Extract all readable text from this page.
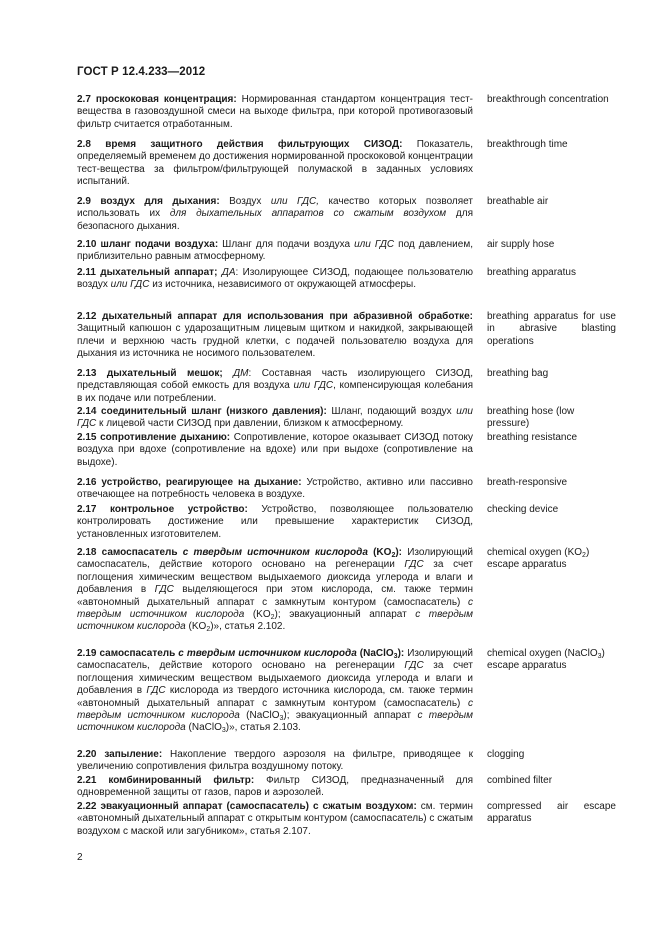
ГОСТ Р 12.4.233—2012
2.7 проскоковая концентрация: Нормированная стандартом концентрация тест-вещества в газовоздушной смеси на выходе фильтра, при которой противогазовый фильтр считается отработанным.
breakthrough concentration
2.8 время защитного действия фильтрующих СИЗОД: Показатель, определяемый временем до достижения нормированной проскоковой концентрации тест-вещества за фильтром/фильтрующей полумаской в заданных условиях испытаний.
breakthrough time
2.9 воздух для дыхания: Воздух или ГДС, качество которых позволяет использовать их для дыхательных аппаратов со сжатым воздухом для безопасного дыхания.
breathable air
2.10 шланг подачи воздуха: Шланг для подачи воздуха или ГДС под давлением, приблизительно равным атмосферному.
air supply hose
2.11 дыхательный аппарат; ДА: Изолирующее СИЗОД, подающее пользователю воздух или ГДС из источника, независимого от окружающей атмосферы.
breathing apparatus
2.12 дыхательный аппарат для использования при абразивной обработке: Защитный капюшон с ударозащитным лицевым щитком и накидкой, закрывающей плечи и верхнюю часть грудной клетки, с подачей пользователю воздуха для дыхания из источника не носимого пользователем.
breathing apparatus for use in abrasive blasting operations
2.13 дыхательный мешок; ДМ: Составная часть изолирующего СИЗОД, представляющая собой емкость для воздуха или ГДС, компенсирующая колебания в их подаче или потреблении.
breathing bag
2.14 соединительный шланг (низкого давления): Шланг, подающий воздух или ГДС к лицевой части СИЗОД при давлении, близком к атмосферному.
breathing hose (low pressure)
2.15 сопротивление дыханию: Сопротивление, которое оказывает СИЗОД потоку воздуха при вдохе (сопротивление на вдохе) или при выдохе (сопротивление на выдохе).
breathing resistance
2.16 устройство, реагирующее на дыхание: Устройство, активно или пассивно отвечающее на потребность человека в воздухе.
breath-responsive
2.17 контрольное устройство: Устройство, позволяющее пользователю контролировать достижение или превышение характеристик СИЗОД, установленных изготовителем.
checking device
2.18 самоспасатель с твердым источником кислорода $(KO_2)$: Изолирующий самоспасатель, действие которого основано на регенерации ГДС за счет поглощения химическим веществом выдыхаемого диоксида углерода и влаги и добавления в ГДС выделяющегося при этом кислорода, см. также термин «автономный дыхательный аппарат с замкнутым контуром (самоспасатель) с твердым источником кислорода $(KO_2)$; эвакуационный аппарат с твердым источником кислорода $(KO_2)$», статья 2.102.
chemical oxygen $(KO_2)$ escape apparatus
2.19 самоспасатель с твердым источником кислорода (NaClO$_3$): Изолирующий самоспасатель, действие которого основано на регенерации ГДС за счет поглощения химическим веществом выдыхаемого диоксида углерода и влаги и добавления в ГДС кислорода из твердого источника кислорода, см. также термин «автономный дыхательный аппарат с замкнутым контуром (самоспасатель) с твердым источником кислорода (NaClO$_3$); эвакуационный аппарат с твердым источником кислорода (NaClO$_3$)», статья 2.103.
chemical oxygen (NaClO$_3$) escape apparatus
2.20 запыление: Накопление твердого аэрозоля на фильтре, приводящее к увеличению сопротивления фильтра воздушному потоку.
clogging
2.21 комбинированный фильтр: Фильтр СИЗОД, предназначенный для одновременной защиты от газов, паров и аэрозолей.
combined filter
2.22 эвакуационный аппарат (самоспасатель) с сжатым воздухом: см. термин «автономный дыхательный аппарат с открытым контуром (самоспасатель) с сжатым воздухом с маской или загубником», статья 2.107.
compressed air escape apparatus
2
